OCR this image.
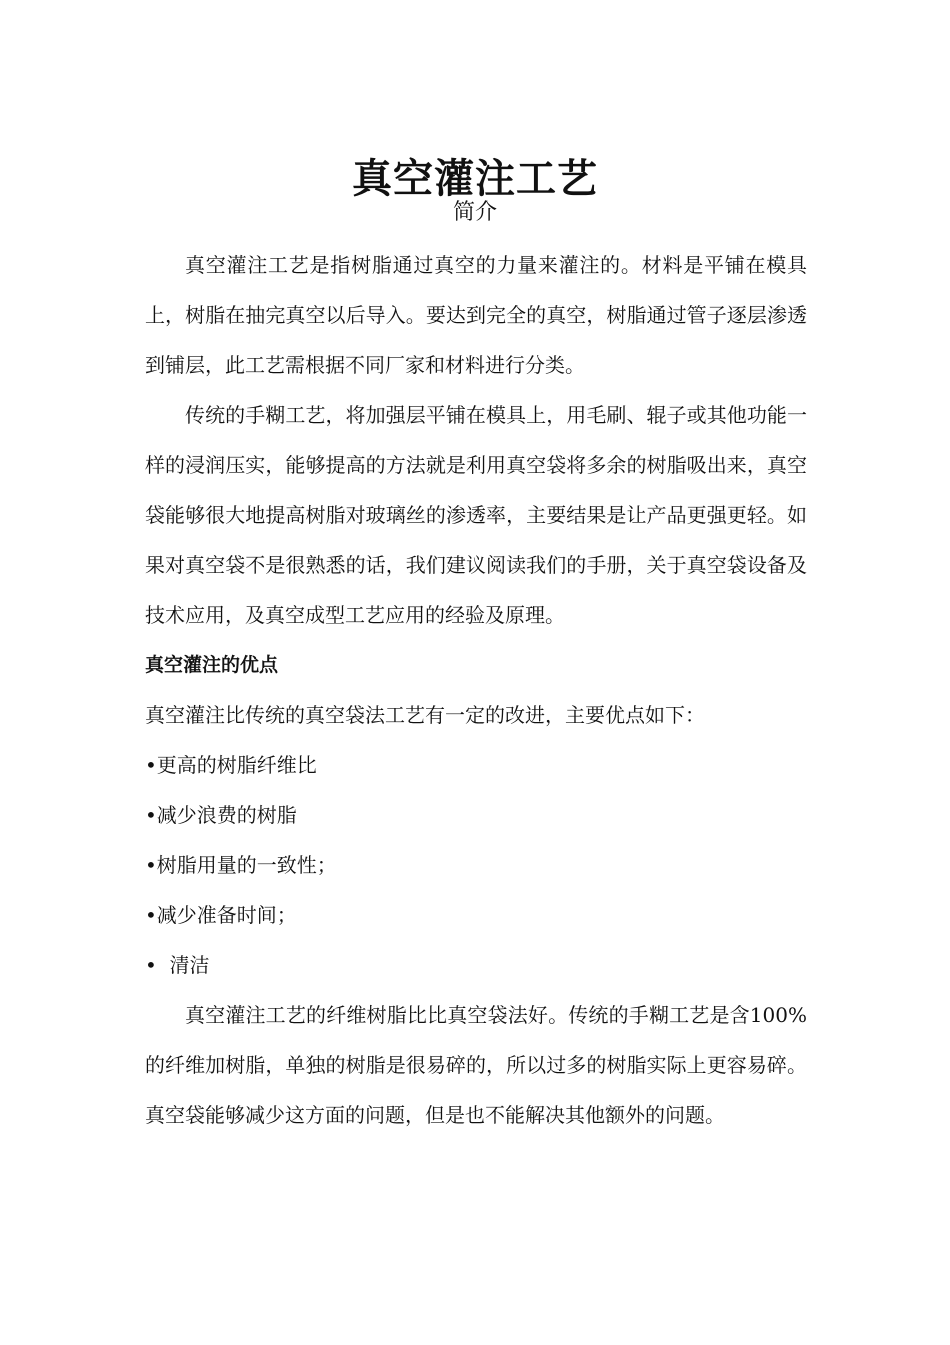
真空灌注工艺
简介

真空灌注工艺是指树脂通过真空的力量来灌注的。材料是平铺在模具上，树脂在抽完真空以后导入。要达到完全的真空，树脂通过管子逐层渗透到铺层，此工艺需根据不同厂家和材料进行分类。

传统的手糊工艺，将加强层平铺在模具上，用毛刷、辊子或其他功能一样的浸润压实，能够提高的方法就是利用真空袋将多余的树脂吸出来，真空袋能够很大地提高树脂对玻璃丝的渗透率，主要结果是让产品更强更轻。如果对真空袋不是很熟悉的话，我们建议阅读我们的手册，关于真空袋设备及技术应用，及真空成型工艺应用的经验及原理。

真空灌注的优点

真空灌注比传统的真空袋法工艺有一定的改进，主要优点如下：

•更高的树脂纤维比
•减少浪费的树脂
•树脂用量的一致性；
•减少准备时间；
•  清洁

真空灌注工艺的纤维树脂比比真空袋法好。传统的手糊工艺是含100%的纤维加树脂，单独的树脂是很易碎的，所以过多的树脂实际上更容易碎。真空袋能够减少这方面的问题，但是也不能解决其他额外的问题。
